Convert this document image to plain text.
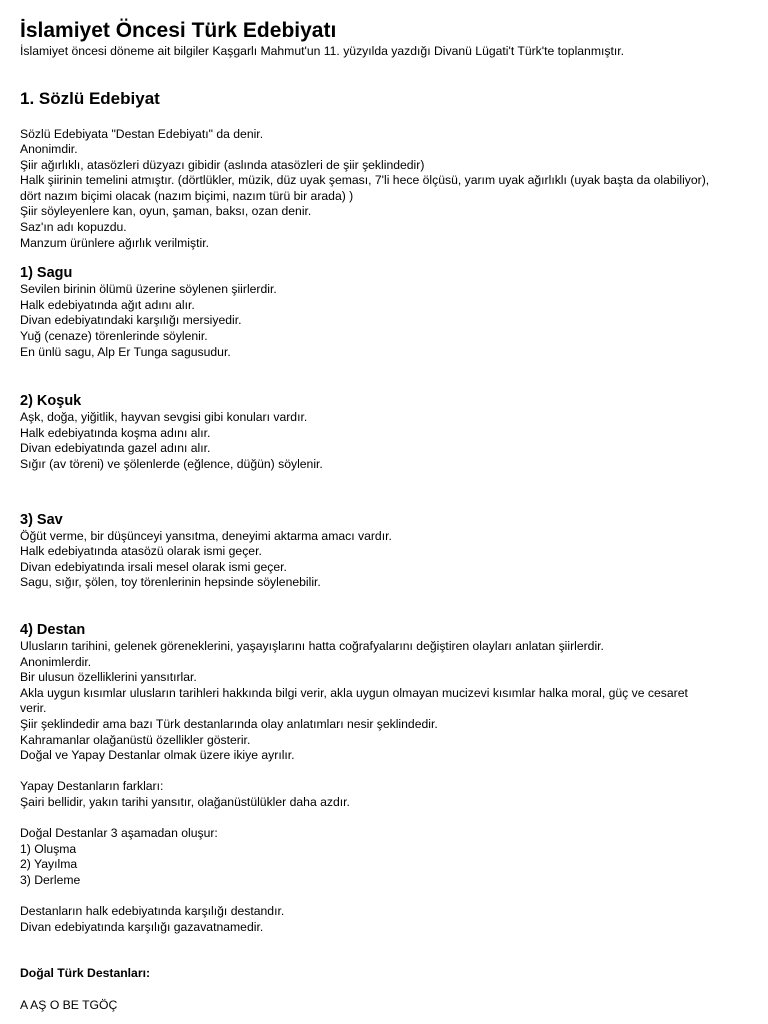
İslamiyet Öncesi Türk Edebiyatı

İslamiyet öncesi döneme ait bilgiler Kaşgarlı Mahmut'un 11. yüzyılda yazdığı Divanü Lügati't Türk'te toplanmıştır.

1. Sözlü Edebiyat

Sözlü Edebiyata "Destan Edebiyatı" da denir.

Anonimdir.

Şiir ağırlıklı, atasözleri düzyazı gibidir (aslında atasözleri de şiir şeklindedir)

Halk şiirinin temelini atmıştır. (dörtlükler, müzik, düz uyak şeması, 7'li hece ölçüsü, yarım uyak ağırlıklı (uyak başta da olabiliyor),

dört nazım biçimi olacak (nazım biçimi, nazım türü bir arada) )

Şiir söyleyenlere kan, oyun, şaman, baksı, ozan denir.

Saz'ın adı kopuzdu.

Manzum ürünlere ağırlık verilmiştir.

1) Sagu

Sevilen birinin ölümü üzerine söylenen şiirlerdir.

Halk edebiyatında ağıt adını alır.

Divan edebiyatındaki karşılığı mersiyedir.

Yuğ (cenaze) törenlerinde söylenir.

En ünlü sagu, Alp Er Tunga sagusudur.

2) Koşuk

Aşk, doğa, yiğitlik, hayvan sevgisi gibi konuları vardır.

Halk edebiyatında koşma adını alır.

Divan edebiyatında gazel adını alır.

Sığır (av töreni) ve şölenlerde (eğlence, düğün) söylenir.

3) Sav

Öğüt verme, bir düşünceyi yansıtma, deneyimi aktarma amacı vardır.

Halk edebiyatında atasözü olarak ismi geçer.

Divan edebiyatında irsali mesel olarak ismi geçer.

Sagu, sığır, şölen, toy törenlerinin hepsinde söylenebilir.

4) Destan

Ulusların tarihini, gelenek göreneklerini, yaşayışlarını hatta coğrafyalarını değiştiren olayları anlatan şiirlerdir.

Anonimlerdir.

Bir ulusun özelliklerini yansıtırlar.

Akla uygun kısımlar ulusların tarihleri hakkında bilgi verir, akla uygun olmayan mucizevi kısımlar halka moral, güç ve cesaret

verir.

Şiir şeklindedir ama bazı Türk destanlarında olay anlatımları nesir şeklindedir.

Kahramanlar olağanüstü özellikler gösterir.

Doğal ve Yapay Destanlar olmak üzere ikiye ayrılır.

Yapay Destanların farkları:

Şairi bellidir, yakın tarihi yansıtır, olağanüstülükler daha azdır.

Doğal Destanlar 3 aşamadan oluşur:

1) Oluşma

2) Yayılma

3) Derleme

Destanların halk edebiyatında karşılığı destandır.

Divan edebiyatında karşılığı gazavatnamedir.

Doğal Türk Destanları:

A AŞ O BE TGÖÇ
